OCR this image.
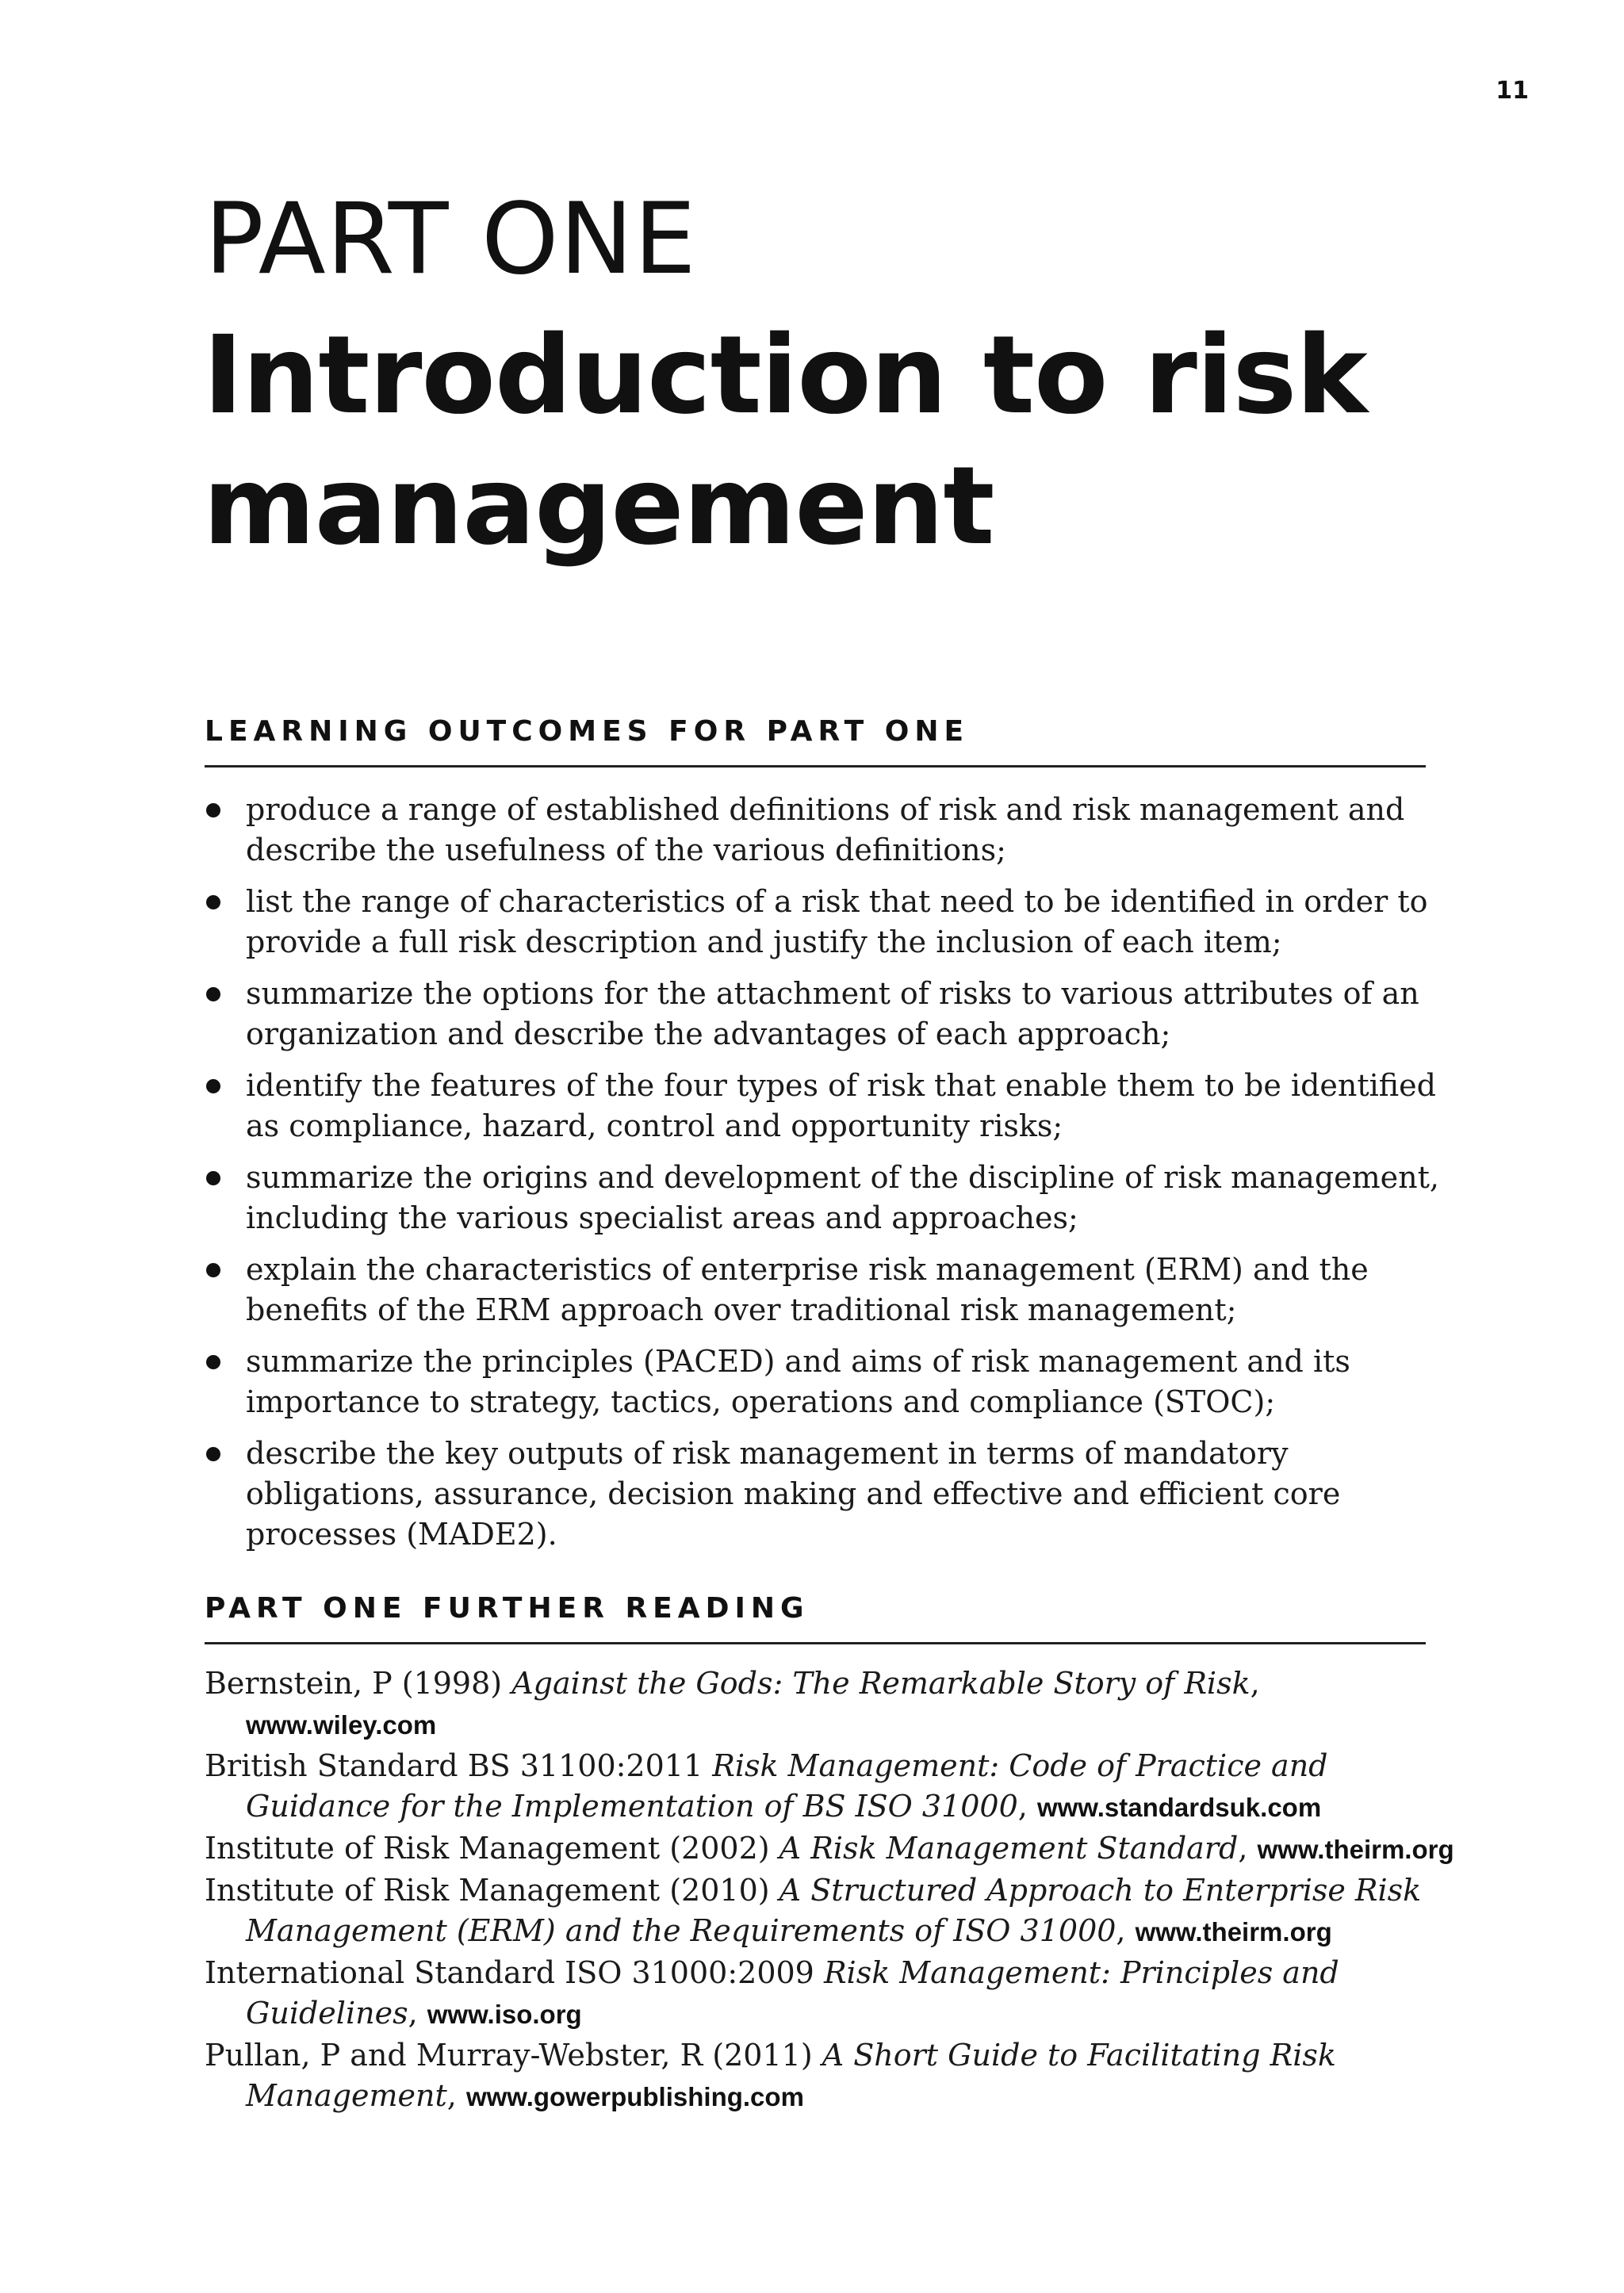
11
PART ONE
Introduction to risk
management
LEARNING OUTCOMES FOR PART ONE
produce a range of established definitions of risk and risk management and describe the usefulness of the various definitions;
list the range of characteristics of a risk that need to be identified in order to provide a full risk description and justify the inclusion of each item;
summarize the options for the attachment of risks to various attributes of an organization and describe the advantages of each approach;
identify the features of the four types of risk that enable them to be identified as compliance, hazard, control and opportunity risks;
summarize the origins and development of the discipline of risk management, including the various specialist areas and approaches;
explain the characteristics of enterprise risk management (ERM) and the benefits of the ERM approach over traditional risk management;
summarize the principles (PACED) and aims of risk management and its importance to strategy, tactics, operations and compliance (STOC);
describe the key outputs of risk management in terms of mandatory obligations, assurance, decision making and effective and efficient core processes (MADE2).
PART ONE FURTHER READING
Bernstein, P (1998) Against the Gods: The Remarkable Story of Risk, www.wiley.com
British Standard BS 31100:2011 Risk Management: Code of Practice and Guidance for the Implementation of BS ISO 31000, www.standardsuk.com
Institute of Risk Management (2002) A Risk Management Standard, www.theirm.org
Institute of Risk Management (2010) A Structured Approach to Enterprise Risk Management (ERM) and the Requirements of ISO 31000, www.theirm.org
International Standard ISO 31000:2009 Risk Management: Principles and Guidelines, www.iso.org
Pullan, P and Murray-Webster, R (2011) A Short Guide to Facilitating Risk Management, www.gowerpublishing.com
